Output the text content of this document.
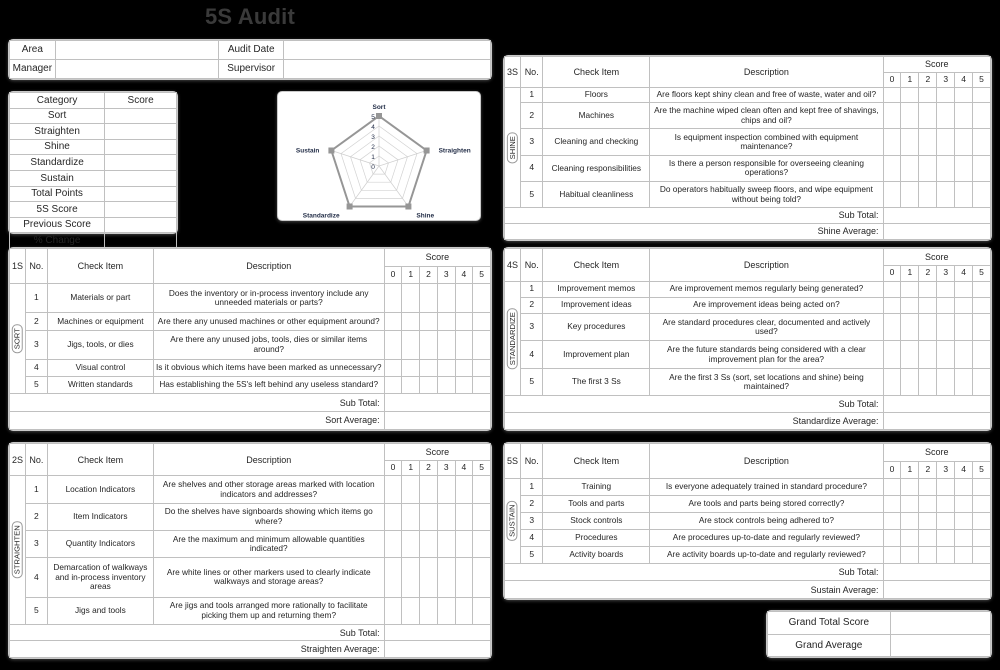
5S Audit
Area		Audit Date	
Manager		Supervisor	
Category	Score
Sort	
Straighten	
Shine	
Standardize	
Sustain	
Total Points	
5S Score	
Previous Score	
% Change	
0
1
2
3
4
5
Sort
Straighten
Shine
Standardize
Sustain
1S	No.	Check Item	Description	Score					
				0	1	2	3	4	5

SORT	1	Materials or part	Does the inventory or in-process inventory include any unneeded materials or parts?						
	2	Machines or equipment	Are there any unused machines or other equipment around?						
	3	Jigs, tools, or dies	Are there any unused jobs, tools, dies or similar items around?						
	4	Visual control	Is it obvious which items have been marked as unnecessary?						
	5	Written standards	Has establishing the 5S's left behind any useless standard?						
Sub Total:									
Sort Average:									
2S	No.	Check Item	Description	Score					
				0	1	2	3	4	5

STRAIGHTEN	1	Location Indicators	Are shelves and other storage areas marked with location indicators and addresses?						
	2	Item Indicators	Do the shelves have signboards showing which items go where?						
	3	Quantity Indicators	Are the maximum and minimum allowable quantities indicated?						
	4	Demarcation of walkways and in-process inventory areas	Are white lines or other markers used to clearly indicate walkways and storage areas?						
	5	Jigs and tools	Are jigs and tools arranged more rationally to facilitate picking them up and returning them?						
Sub Total:									
Straighten Average:									
3S	No.	Check Item	Description	Score					
				0	1	2	3	4	5

SHINE	1	Floors	Are floors kept shiny clean and free of waste, water and oil?						
	2	Machines	Are the machine wiped clean often and kept free of shavings, chips and oil?						
	3	Cleaning and checking	Is equipment inspection combined with equipment maintenance?						
	4	Cleaning responsibilities	Is there a person responsible for overseeing cleaning operations?						
	5	Habitual cleanliness	Do operators habitually sweep floors, and wipe equipment without being told?						
Sub Total:									
Shine Average:									
4S	No.	Check Item	Description	Score					
				0	1	2	3	4	5

STANDARDIZE	1	Improvement memos	Are improvement memos regularly being generated?						
	2	Improvement ideas	Are improvement ideas being acted on?						
	3	Key procedures	Are standard procedures clear, documented and actively used?						
	4	Improvement plan	Are the future standards being considered with a clear improvement plan for the area?						
	5	The first 3 Ss	Are the first 3 Ss (sort, set locations and shine) being maintained?						
Sub Total:									
Standardize Average:									
5S	No.	Check Item	Description	Score					
				0	1	2	3	4	5

SUSTAIN	1	Training	Is everyone adequately trained in standard procedure?						
	2	Tools and parts	Are tools and parts being stored correctly?						
	3	Stock controls	Are stock controls being adhered to?						
	4	Procedures	Are procedures up-to-date and regularly reviewed?						
	5	Activity boards	Are activity boards up-to-date and regularly reviewed?						
Sub Total:									
Sustain Average:									
Grand Total Score	
Grand Average	
